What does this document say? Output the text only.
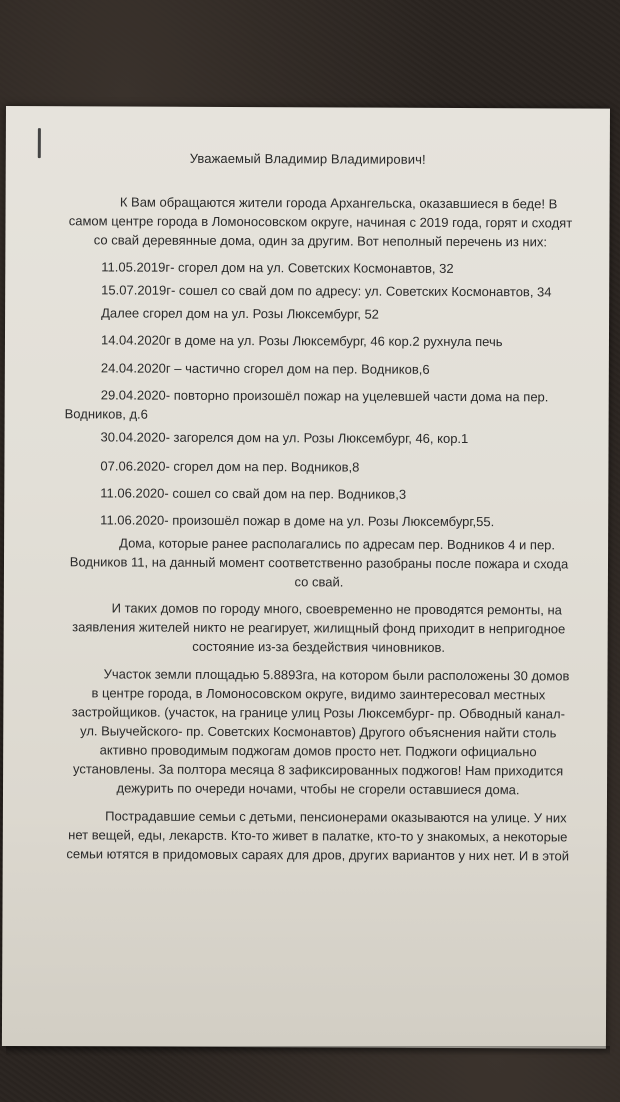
Уважаемый Владимир Владимирович!

К Вам обращаются жители города Архангельска, оказавшиеся в беде! В самом центре города в Ломоносовском округе, начиная с 2019 года, горят и сходят со свай деревянные дома, один за другим. Вот неполный перечень из них:

11.05.2019г- сгорел дом на ул. Советских Космонавтов, 32
15.07.2019г- сошел со свай дом по адресу: ул. Советских Космонавтов, 34
Далее сгорел дом на ул. Розы Люксембург, 52
14.04.2020г в доме на ул. Розы Люксембург, 46 кор.2 рухнула печь
24.04.2020г – частично сгорел дом на пер. Водников,6

29.04.2020- повторно произошёл пожар на уцелевшей части дома на пер. Водников, д.6

30.04.2020- загорелся дом на ул. Розы Люксембург, 46, кор.1
07.06.2020- сгорел дом на пер. Водников,8
11.06.2020- сошел со свай дом на пер. Водников,3
11.06.2020- произошёл пожар в доме на ул. Розы Люксембург,55.

Дома, которые ранее располагались по адресам пер. Водников 4 и пер. Водников 11, на данный момент соответственно разобраны после пожара и схода со свай.

И таких домов по городу много, своевременно не проводятся ремонты, на заявления жителей никто не реагирует, жилищный фонд приходит в непригодное состояние из-за бездействия чиновников.

Участок земли площадью 5.8893га, на котором были расположены 30 домов в центре города, в Ломоносовском округе, видимо заинтересовал местных застройщиков. (участок, на границе улиц Розы Люксембург- пр. Обводный канал- ул. Выучейского- пр. Советских Космонавтов) Другого объяснения найти столь активно проводимым поджогам домов просто нет. Поджоги официально установлены. За полтора месяца 8 зафиксированных поджогов! Нам приходится дежурить по очереди ночами, чтобы не сгорели оставшиеся дома.

Пострадавшие семьи с детьми, пенсионерами оказываются на улице. У них нет вещей, еды, лекарств. Кто-то живет в палатке, кто-то у знакомых, а некоторые семьи ютятся в придомовых сараях для дров, других вариантов у них нет. И в этой
